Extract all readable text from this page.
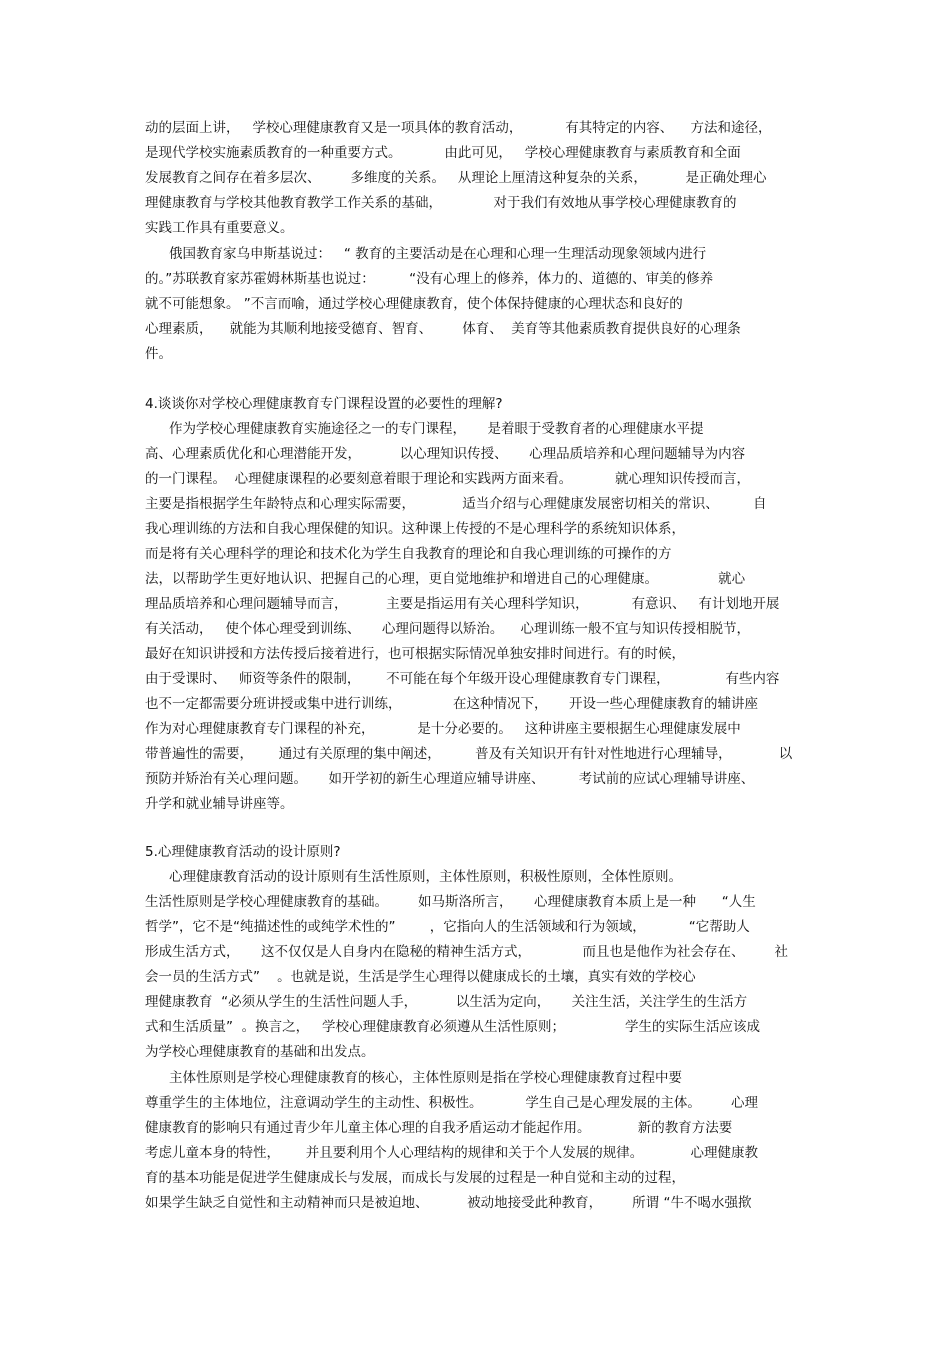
动的层面上讲，   学校心理健康教育又是一项具体的教育活动，          有其特定的内容、    方法和途径，
是现代学校实施素质教育的一种重要方式。          由此可见，   学校心理健康教育与素质教育和全面
发展教育之间存在着多层次、       多维度的关系。   从理论上厘清这种复杂的关系，         是正确处理心
理健康教育与学校其他教育教学工作关系的基础，            对于我们有效地从事学校心理健康教育的
实践工作具有重要意义。
俄国教育家乌申斯基说过：   “ 教育的主要活动是在心理和心理一生理活动现象领域内进行
的。”苏联教育家苏霍姆林斯基也说过：        “没有心理上的修养，体力的、道德的、审美的修养
就不可能想象。 ”不言而喻，通过学校心理健康教育，使个体保持健康的心理状态和良好的
心理素质，    就能为其顺利地接受德育、智育、       体育、  美育等其他素质教育提供良好的心理条
件。
4.谈谈你对学校心理健康教育专门课程设置的必要性的理解?
作为学校心理健康教育实施途径之一的专门课程，     是着眼于受教育者的心理健康水平提
高、心理素质优化和心理潜能开发，         以心理知识传授、     心理品质培养和心理问题辅导为内容
的一门课程。  心理健康课程的必要刻意着眼于理论和实践两方面来看。          就心理知识传授而言，
主要是指根据学生年龄特点和心理实际需要，           适当介绍与心理健康发展密切相关的常识、        自
我心理训练的方法和自我心理保健的知识。这种课上传授的不是心理科学的系统知识体系，
而是将有关心理科学的理论和技术化为学生自我教育的理论和自我心理训练的可操作的方
法，以帮助学生更好地认识、把握自己的心理，更自觉地维护和增进自己的心理健康。              就心
理品质培养和心理问题辅导而言，         主要是指运用有关心理科学知识，          有意识、   有计划地开展
有关活动，   使个体心理受到训练、     心理问题得以矫治。    心理训练一般不宜与知识传授相脱节，
最好在知识讲授和方法传授后接着进行，也可根据实际情况单独安排时间进行。有的时候，
由于受课时、   师资等条件的限制，      不可能在每个年级开设心理健康教育专门课程，             有些内容
也不一定都需要分班讲授或集中进行训练，            在这种情况下，     开设一些心理健康教育的辅讲座
作为对心理健康教育专门课程的补充，          是十分必要的。   这种讲座主要根据生心理健康发展中
带普遍性的需要，      通过有关原理的集中阐述，        普及有关知识开有针对性地进行心理辅导，           以
预防并矫治有关心理问题。     如开学初的新生心理道应辅导讲座、        考试前的应试心理辅导讲座、
升学和就业辅导讲座等。
5.心理健康教育活动的设计原则?
心理健康教育活动的设计原则有生活性原则，主体性原则，积极性原则，全体性原则。
生活性原则是学校心理健康教育的基础。       如马斯洛所言，     心理健康教育本质上是一种      “人生
哲学”，它不是“纯描述性的或纯学术性的”        ，它指向人的生活领域和行为领域，          “它帮助人
形成生活方式，     这不仅仅是人自身内在隐秘的精神生活方式，            而且也是他作为社会存在、       社
会一员的生活方式”    。也就是说，生活是学生心理得以健康成长的土壤，真实有效的学校心
理健康教育  “必须从学生的生活性问题人手，         以生活为定向，     关注生活，关注学生的生活方
式和生活质量”  。换言之，   学校心理健康教育必须遵从生活性原则；              学生的实际生活应该成
为学校心理健康教育的基础和出发点。
主体性原则是学校心理健康教育的核心，主体性原则是指在学校心理健康教育过程中要
尊重学生的主体地位，注意调动学生的主动性、积极性。          学生自己是心理发展的主体。       心理
健康教育的影响只有通过青少年儿童主体心理的自我矛盾运动才能起作用。           新的教育方法要
考虑儿童本身的特性，      并且要利用个人心理结构的规律和关于个人发展的规律。           心理健康教
育的基本功能是促进学生健康成长与发展，而成长与发展的过程是一种自觉和主动的过程，
如果学生缺乏自觉性和主动精神而只是被迫地、         被动地接受此种教育，       所谓 “牛不喝水强揿
